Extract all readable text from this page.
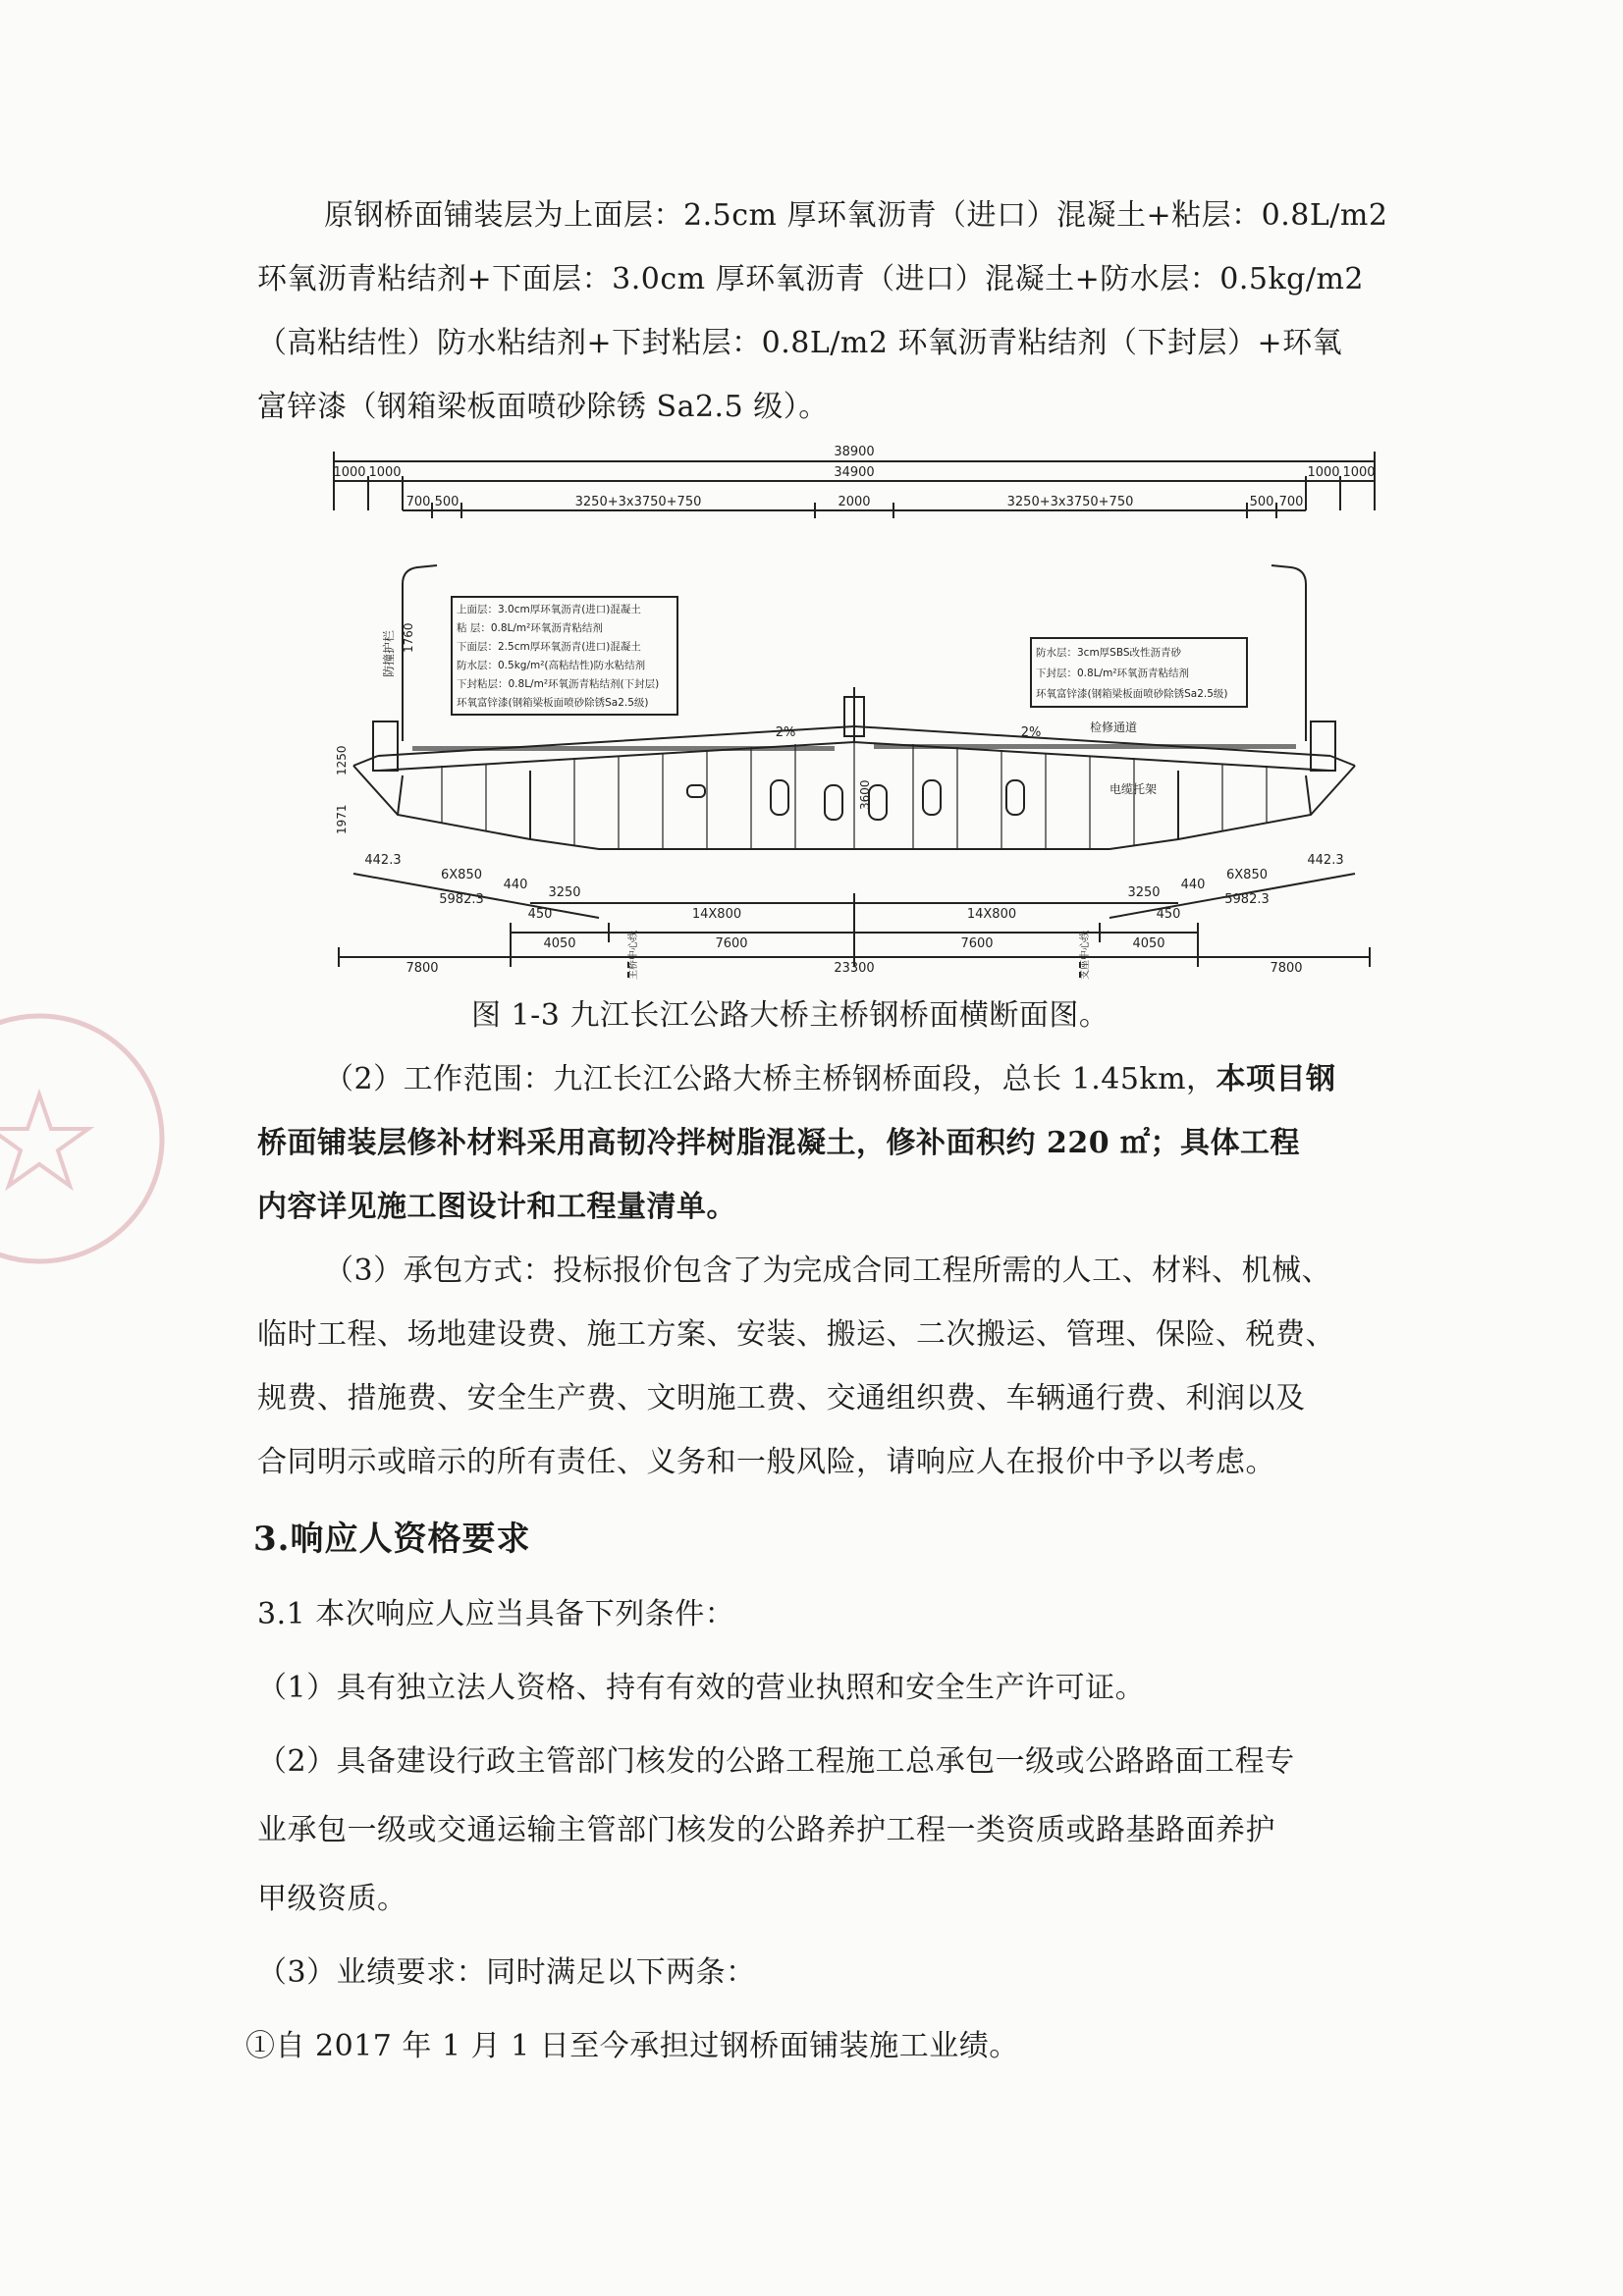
原钢桥面铺装层为上面层：2.5cm 厚环氧沥青（进口）混凝土+粘层：0.8L/m2

环氧沥青粘结剂+下面层：3.0cm 厚环氧沥青（进口）混凝土+防水层：0.5kg/m2

（高粘结性）防水粘结剂+下封粘层：0.8L/m2 环氧沥青粘结剂（下封层）+环氧

富锌漆（钢箱梁板面喷砂除锈 Sa2.5 级）。

38900
34900
1000 1000	1000 1000
700 500	500 700
3250+3x3750+750	2000	3250+3x3750+750
2%	2%
442.3	442.3
6X850	6X850
5982.3	5982.3
440	440
3250	3250
450	450
14X800	14X800
4050	4050
7600	7600
23300
7800	7800
1760
1250
1971
3600
防撞护栏
检修通道
电缆托架
主桥中心线	支座中心线
上面层：3.0cm厚环氧沥青(进口)混凝土
粘 层：0.8L/m²环氧沥青粘结剂
下面层：2.5cm厚环氧沥青(进口)混凝土
防水层：0.5kg/m²(高粘结性)防水粘结剂
下封粘层：0.8L/m²环氧沥青粘结剂(下封层)
环氧富锌漆(钢箱梁板面喷砂除锈Sa2.5级)
防水层：3cm厚SBS改性沥青砂
下封层：0.8L/m²环氧沥青粘结剂
环氧富锌漆(钢箱梁板面喷砂除锈Sa2.5级)

图 1-3 九江长江公路大桥主桥钢桥面横断面图。

（2）工作范围：九江长江公路大桥主桥钢桥面段，总长 1.45km，本项目钢

桥面铺装层修补材料采用高韧冷拌树脂混凝土，修补面积约 220 ㎡；具体工程

内容详见施工图设计和工程量清单。

（3）承包方式：投标报价包含了为完成合同工程所需的人工、材料、机械、

临时工程、场地建设费、施工方案、安装、搬运、二次搬运、管理、保险、税费、

规费、措施费、安全生产费、文明施工费、交通组织费、车辆通行费、利润以及

合同明示或暗示的所有责任、义务和一般风险，请响应人在报价中予以考虑。

3.响应人资格要求

3.1 本次响应人应当具备下列条件：

（1）具有独立法人资格、持有有效的营业执照和安全生产许可证。

（2）具备建设行政主管部门核发的公路工程施工总承包一级或公路路面工程专

业承包一级或交通运输主管部门核发的公路养护工程一类资质或路基路面养护

甲级资质。

（3）业绩要求：同时满足以下两条：

①自 2017 年 1 月 1 日至今承担过钢桥面铺装施工业绩。
